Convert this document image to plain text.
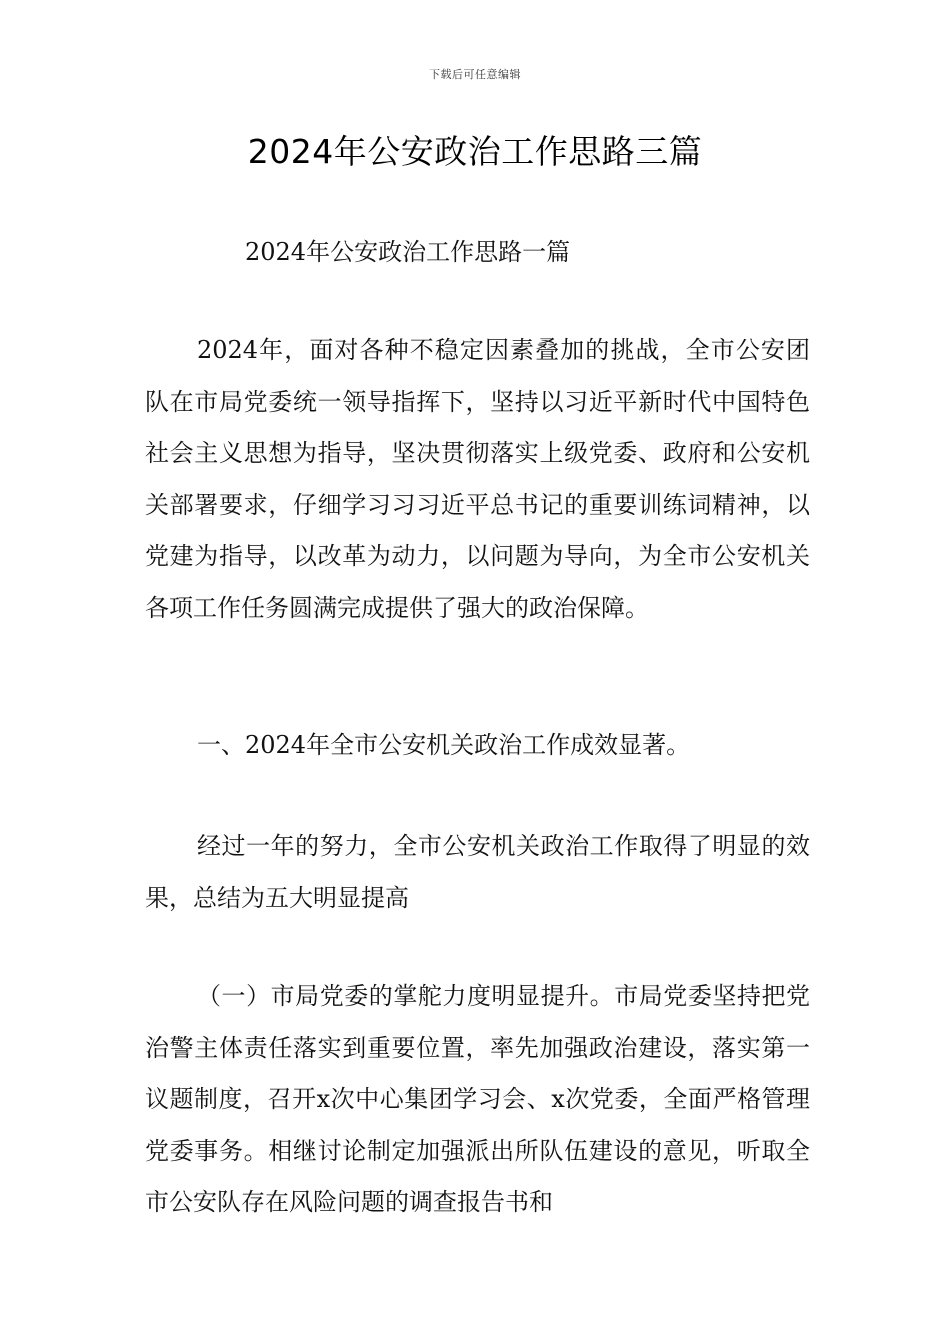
下载后可任意编辑
2024年公安政治工作思路三篇
2024年公安政治工作思路一篇

2024年，面对各种不稳定因素叠加的挑战，全市公安团队在市局党委统一领导指挥下，坚持以习近平新时代中国特色社会主义思想为指导，坚决贯彻落实上级党委、政府和公安机关部署要求，仔细学习习习近平总书记的重要训练词精神，以党建为指导，以改革为动力，以问题为导向，为全市公安机关各项工作任务圆满完成提供了强大的政治保障。

一、2024年全市公安机关政治工作成效显著。

经过一年的努力，全市公安机关政治工作取得了明显的效果，总结为五大明显提高

（一）市局党委的掌舵力度明显提升。市局党委坚持把党治警主体责任落实到重要位置，率先加强政治建设，落实第一议题制度，召开x次中心集团学习会、x次党委，全面严格管理党委事务。相继讨论制定加强派出所队伍建设的意见，听取全市公安队存在风险问题的调查报告书和
